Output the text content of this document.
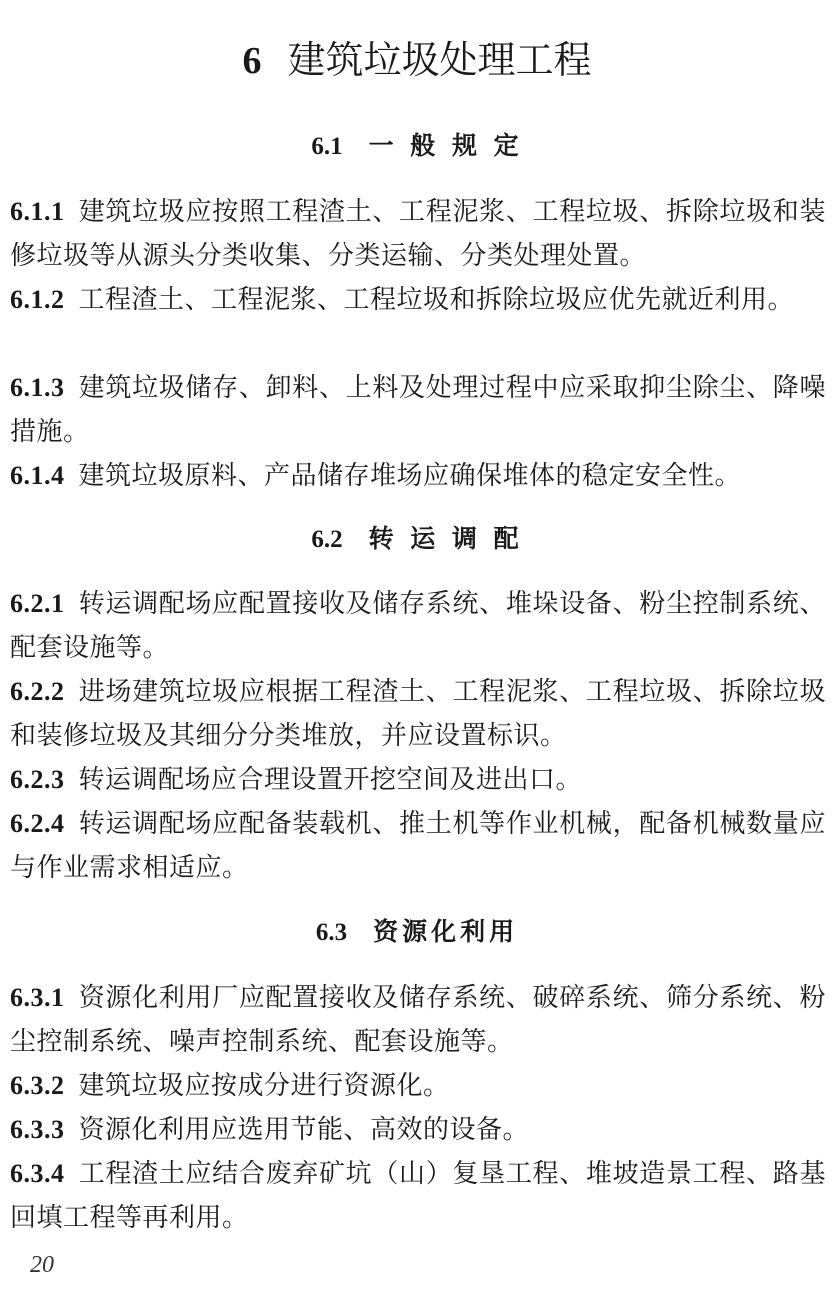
6 建筑垃圾处理工程
6.1 一 般 规 定
6.1.1 建筑垃圾应按照工程渣土、工程泥浆、工程垃圾、拆除垃圾和装修垃圾等从源头分类收集、分类运输、分类处理处置。
6.1.2 工程渣土、工程泥浆、工程垃圾和拆除垃圾应优先就近利用。
6.1.3 建筑垃圾储存、卸料、上料及处理过程中应采取抑尘除尘、降噪措施。
6.1.4 建筑垃圾原料、产品储存堆场应确保堆体的稳定安全性。
6.2 转 运 调 配
6.2.1 转运调配场应配置接收及储存系统、堆垛设备、粉尘控制系统、配套设施等。
6.2.2 进场建筑垃圾应根据工程渣土、工程泥浆、工程垃圾、拆除垃圾和装修垃圾及其细分分类堆放，并应设置标识。
6.2.3 转运调配场应合理设置开挖空间及进出口。
6.2.4 转运调配场应配备装载机、推土机等作业机械，配备机械数量应与作业需求相适应。
6.3 资源化利用
6.3.1 资源化利用厂应配置接收及储存系统、破碎系统、筛分系统、粉尘控制系统、噪声控制系统、配套设施等。
6.3.2 建筑垃圾应按成分进行资源化。
6.3.3 资源化利用应选用节能、高效的设备。
6.3.4 工程渣土应结合废弃矿坑（山）复垦工程、堆坡造景工程、路基回填工程等再利用。
20
